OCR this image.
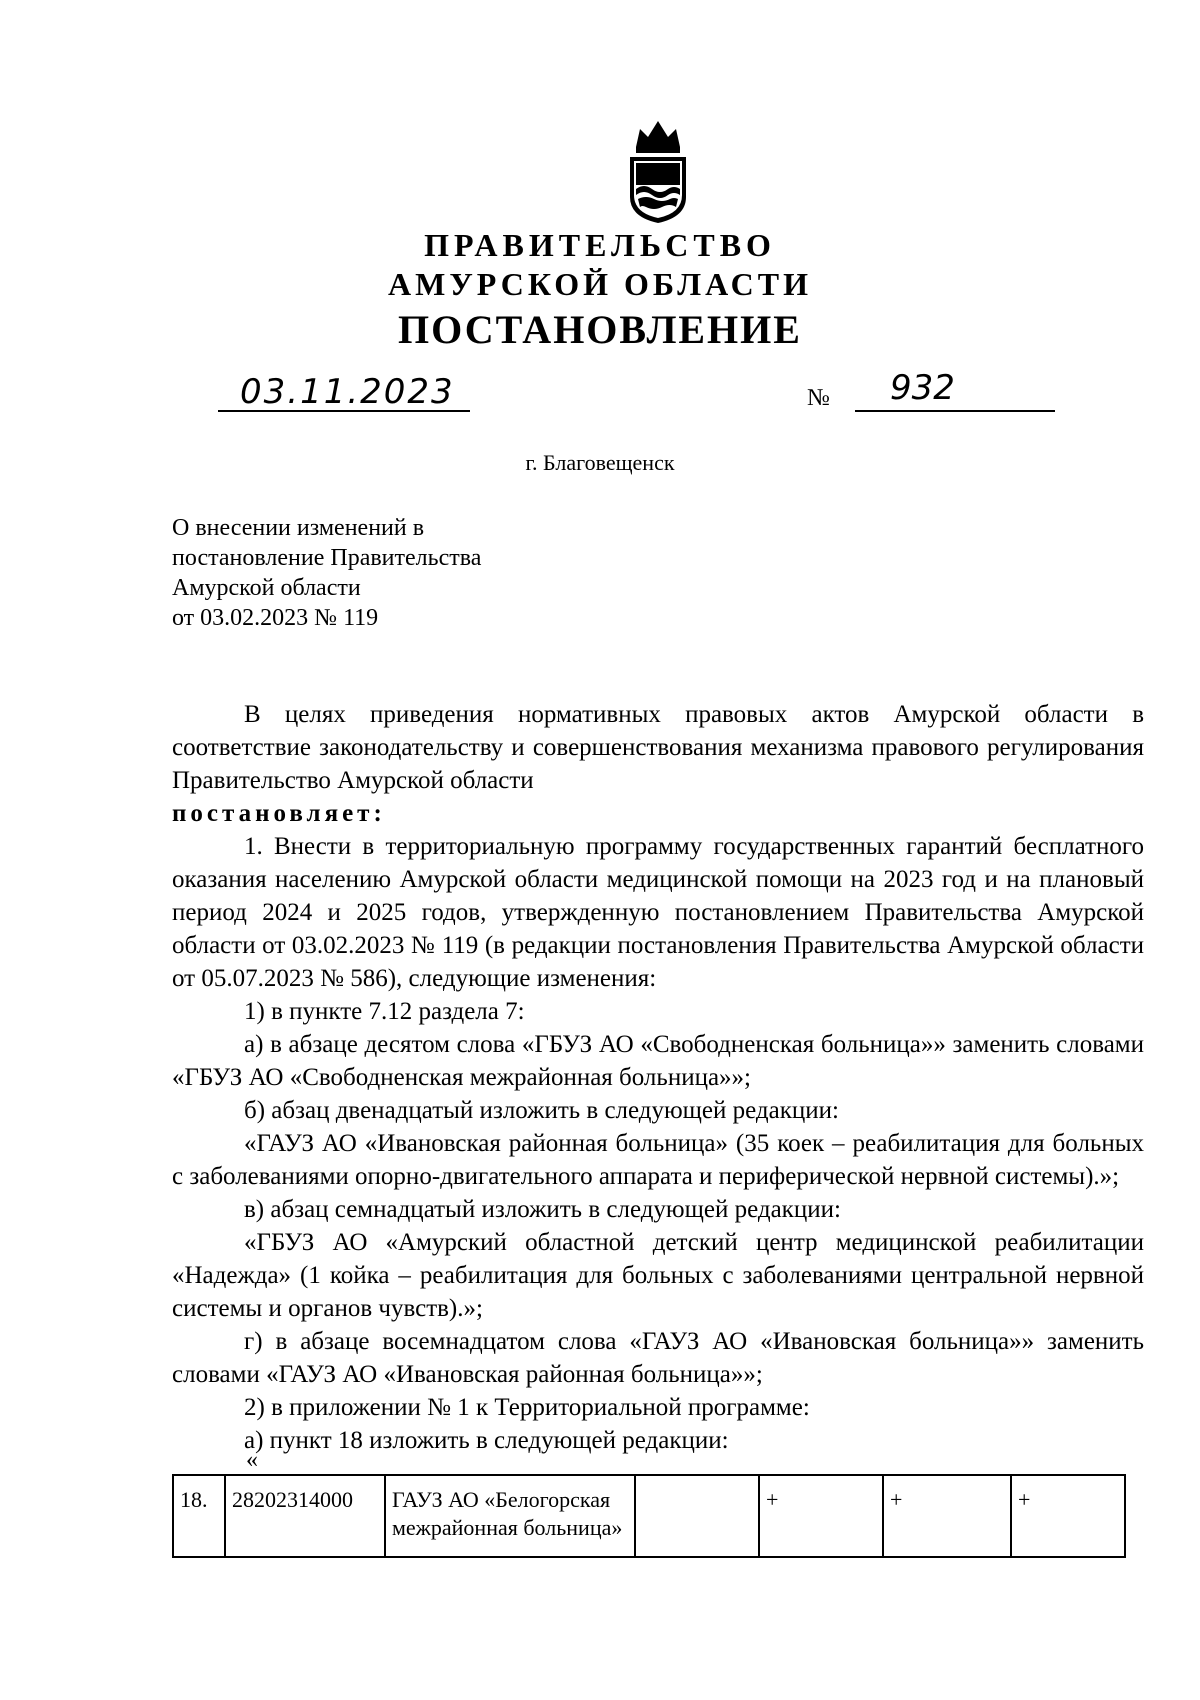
ПРАВИТЕЛЬСТВО
АМУРСКОЙ ОБЛАСТИ
ПОСТАНОВЛЕНИЕ
03.11.2023	№ 932
г. Благовещенск
О внесении изменений в
постановление Правительства
Амурской области
от 03.02.2023 № 119

В целях приведения нормативных правовых актов Амурской области в соответствие законодательству и совершенствования механизма правового регулирования Правительство Амурской области

постановляет:

1. Внести в территориальную программу государственных гарантий бесплатного оказания населению Амурской области медицинской помощи на 2023 год и на плановый период 2024 и 2025 годов, утвержденную постановлением Правительства Амурской области от 03.02.2023 № 119 (в редакции постановления Правительства Амурской области от 05.07.2023 № 586), следующие изменения:

1) в пункте 7.12 раздела 7:

а) в абзаце десятом слова «ГБУЗ АО «Свободненская больница»» заменить словами «ГБУЗ АО «Свободненская межрайонная больница»»;

б) абзац двенадцатый изложить в следующей редакции:

«ГАУЗ АО «Ивановская районная больница» (35 коек – реабилитация для больных с заболеваниями опорно-двигательного аппарата и периферической нервной системы).»;

в) абзац семнадцатый изложить в следующей редакции:

«ГБУЗ АО «Амурский областной детский центр медицинской реабилитации «Надежда» (1 койка – реабилитация для больных с заболеваниями центральной нервной системы и органов чувств).»;

г) в абзаце восемнадцатом слова «ГАУЗ АО «Ивановская больница»» заменить словами «ГАУЗ АО «Ивановская районная больница»»;

2) в приложении № 1 к Территориальной программе:

а) пункт 18 изложить в следующей редакции:

«
18.	28202314000	ГАУЗ АО «Белогорская межрайонная больница»		+	+	+
